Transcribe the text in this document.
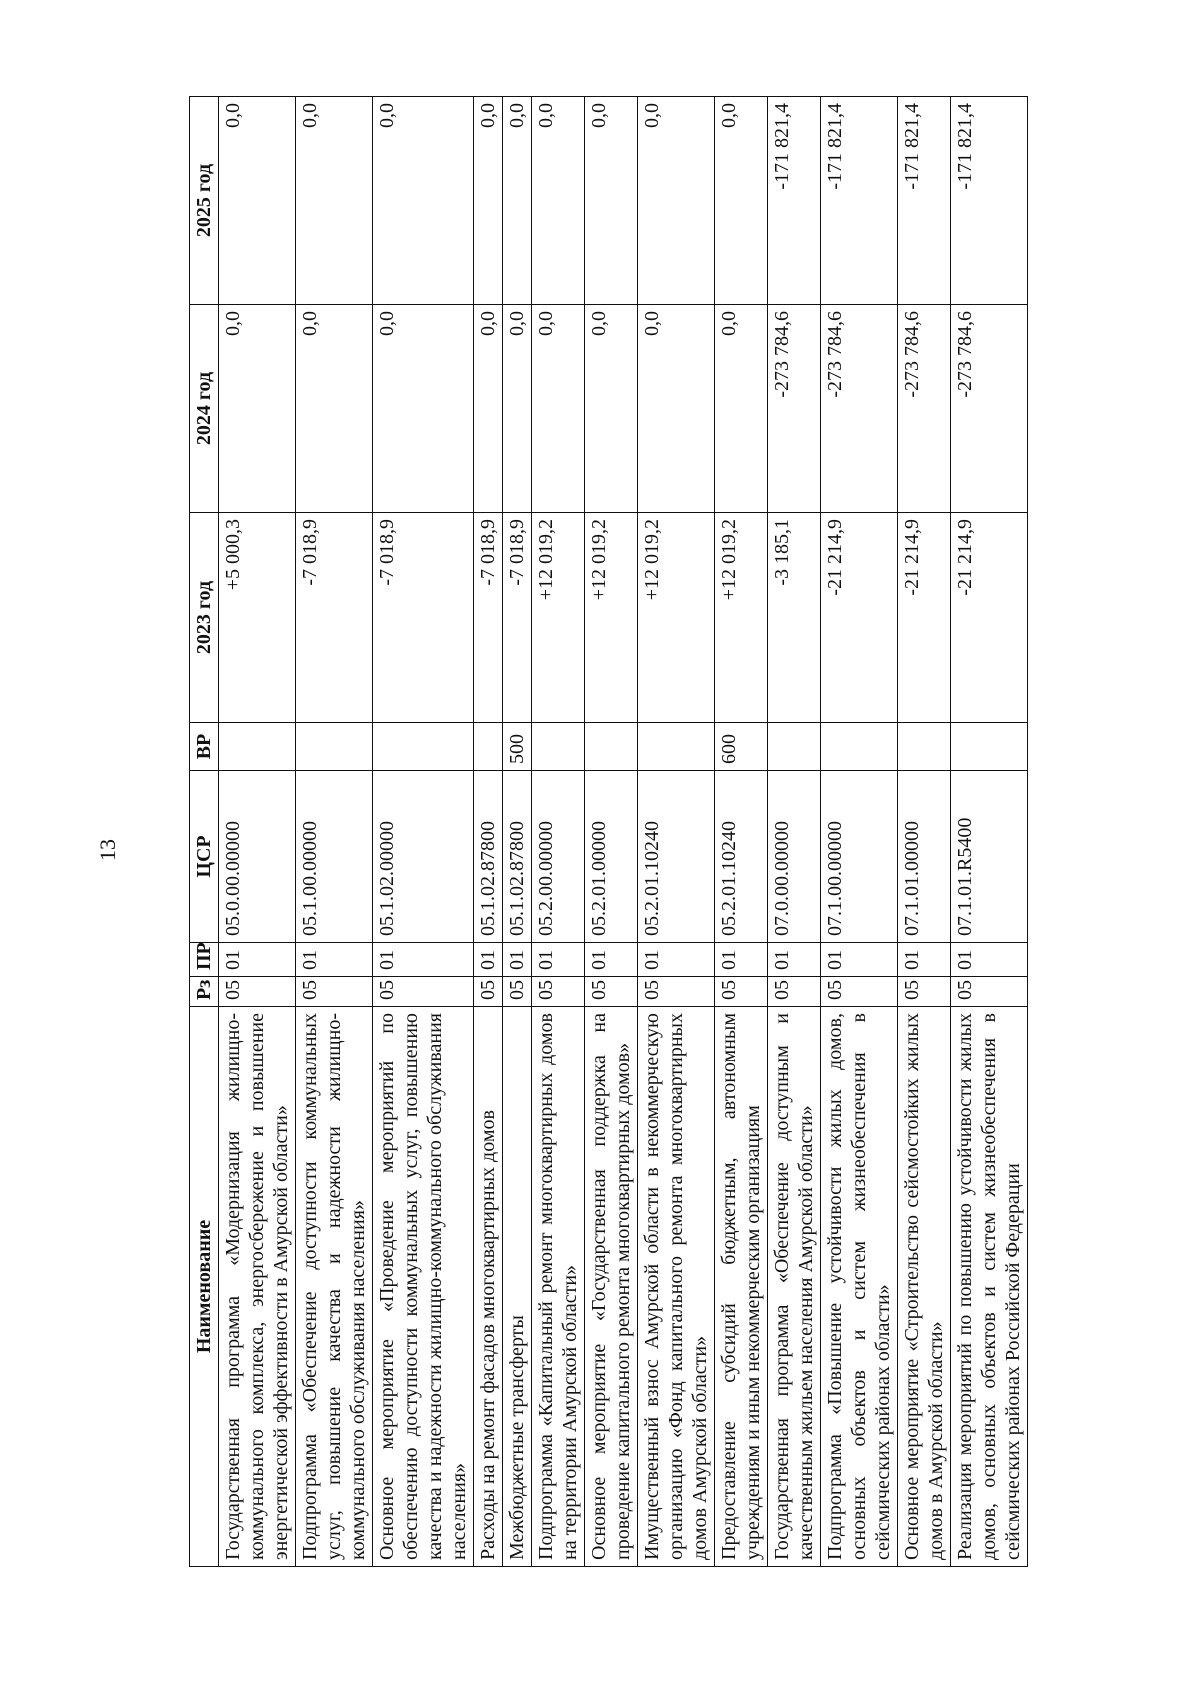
13
Наименование	Рз	ПР	ЦСР	ВР	2023 год	2024 год	2025 год
Государственная программа «Модернизация жилищно-коммунального комплекса, энергосбережение и повышение энергетической эффективности в Амурской области»	05	01	05.0.00.00000		+5 000,3	0,0	0,0
Подпрограмма «Обеспечение доступности коммунальных услуг, повышение качества и надежности жилищно-коммунального обслуживания населения»	05	01	05.1.00.00000		-7 018,9	0,0	0,0
Основное мероприятие «Проведение мероприятий по обеспечению доступности коммунальных услуг, повышению качества и надежности жилищно-коммунального обслуживания населения»	05	01	05.1.02.00000		-7 018,9	0,0	0,0
Расходы на ремонт фасадов многоквартирных домов	05	01	05.1.02.87800		-7 018,9	0,0	0,0
Межбюджетные трансферты	05	01	05.1.02.87800	500	-7 018,9	0,0	0,0
Подпрограмма «Капитальный ремонт многоквартирных домов на территории Амурской области»	05	01	05.2.00.00000		+12 019,2	0,0	0,0
Основное мероприятие «Государственная поддержка на проведение капитального ремонта многоквартирных домов»	05	01	05.2.01.00000		+12 019,2	0,0	0,0
Имущественный взнос Амурской области в некоммерческую организацию «Фонд капитального ремонта многоквартирных домов Амурской области»	05	01	05.2.01.10240		+12 019,2	0,0	0,0
Предоставление субсидий бюджетным, автономным учреждениям и иным некоммерческим организациям	05	01	05.2.01.10240	600	+12 019,2	0,0	0,0
Государственная программа «Обеспечение доступным и качественным жильем населения Амурской области»	05	01	07.0.00.00000		-3 185,1	-273 784,6	-171 821,4
Подпрограмма «Повышение устойчивости жилых домов, основных объектов и систем жизнеобеспечения в сейсмических районах области»	05	01	07.1.00.00000		-21 214,9	-273 784,6	-171 821,4
Основное мероприятие «Строительство сейсмостойких жилых домов в Амурской области»	05	01	07.1.01.00000		-21 214,9	-273 784,6	-171 821,4
Реализация мероприятий по повышению устойчивости жилых домов, основных объектов и систем жизнеобеспечения в сейсмических районах Российской Федерации	05	01	07.1.01.R5400		-21 214,9	-273 784,6	-171 821,4
